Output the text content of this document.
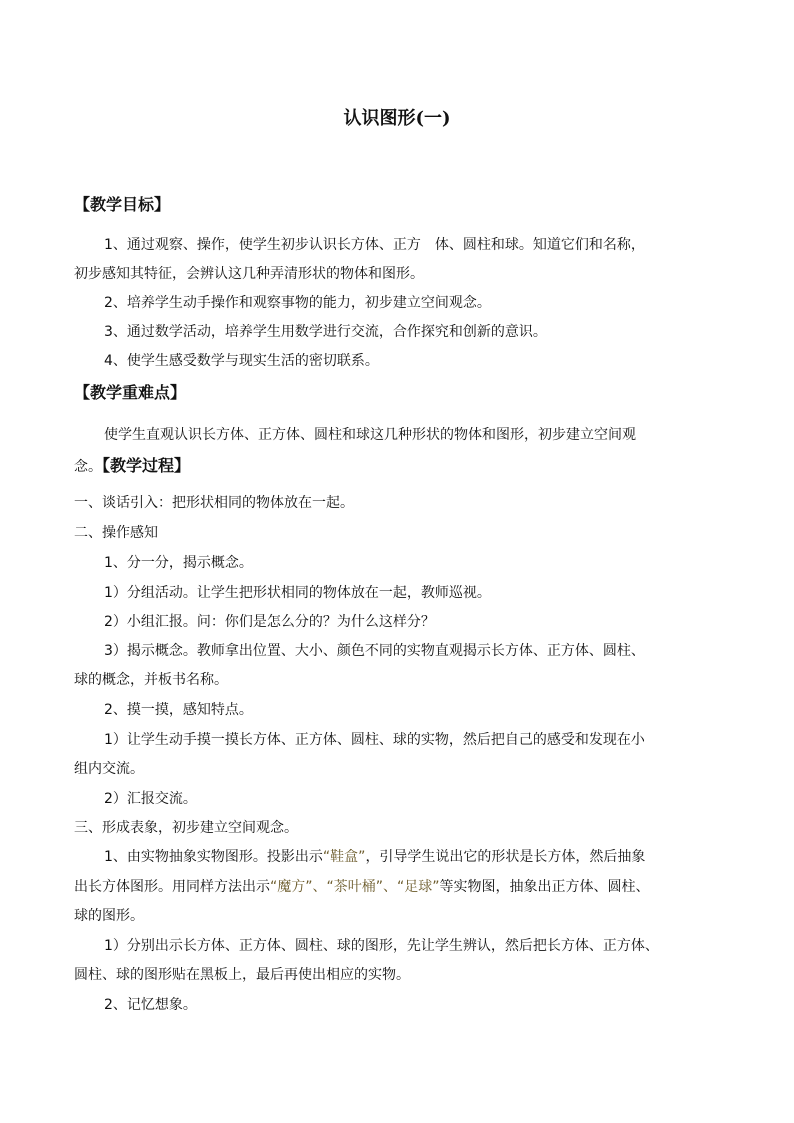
认识图形(一)

【教学目标】

1、通过观察、操作，使学生初步认识长方体、正方　体、圆柱和球。知道它们和名称，

初步感知其特征，会辨认这几种弄清形状的物体和图形。

2、培养学生动手操作和观察事物的能力，初步建立空间观念。

3、通过数学活动，培养学生用数学进行交流，合作探究和创新的意识。

4、使学生感受数学与现实生活的密切联系。

【教学重难点】

使学生直观认识长方体、正方体、圆柱和球这几种形状的物体和图形，初步建立空间观

念。【教学过程】

一、谈话引入：把形状相同的物体放在一起。

二、操作感知

1、分一分，揭示概念。

1）分组活动。让学生把形状相同的物体放在一起，教师巡视。

2）小组汇报。问：你们是怎么分的？为什么这样分？

3）揭示概念。教师拿出位置、大小、颜色不同的实物直观揭示长方体、正方体、圆柱、

球的概念，并板书名称。

2、摸一摸，感知特点。

1）让学生动手摸一摸长方体、正方体、圆柱、球的实物，然后把自己的感受和发现在小

组内交流。

2）汇报交流。

三、形成表象，初步建立空间观念。

1、由实物抽象实物图形。投影出示“鞋盒”，引导学生说出它的形状是长方体，然后抽象

出长方体图形。用同样方法出示“魔方”、“茶叶桶”、“足球”等实物图，抽象出正方体、圆柱、

球的图形。

1）分别出示长方体、正方体、圆柱、球的图形，先让学生辨认，然后把长方体、正方体、

圆柱、球的图形贴在黑板上，最后再使出相应的实物。

2、记忆想象。
